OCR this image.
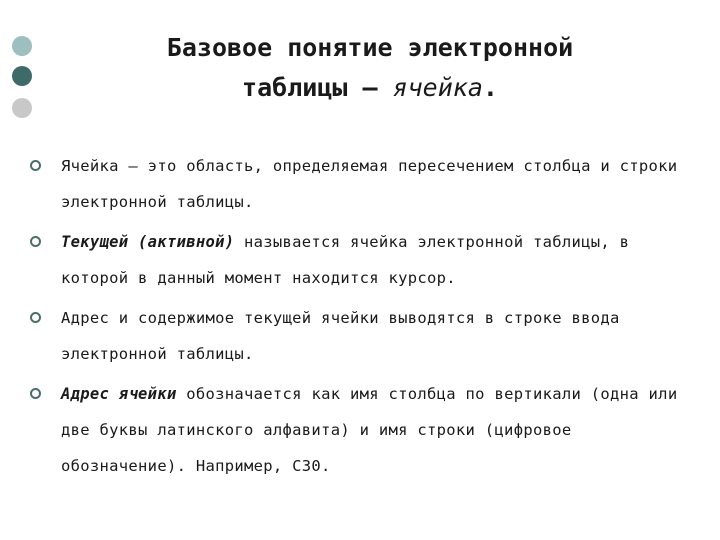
Базовое понятие электронной
таблицы – ячейка.
Ячейка – это область, определяемая пересечением столбца и строки электронной таблицы.
Текущей (активной) называется ячейка электронной таблицы, в которой в данный момент находится курсор.
Адрес и содержимое текущей ячейки выводятся в строке ввода электронной таблицы.
Адрес ячейки обозначается как имя столбца по вертикали (одна или две буквы латинского алфавита) и имя строки (цифровое обозначение). Например, С30.
